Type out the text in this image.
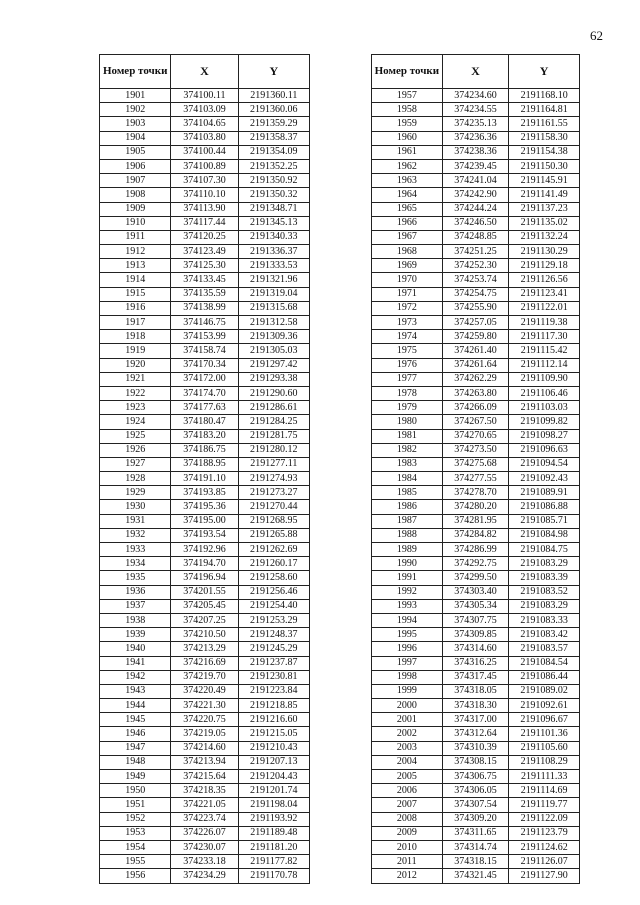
62
Номер точки	X	Y
1901	374100.11	2191360.11
1902	374103.09	2191360.06
1903	374104.65	2191359.29
1904	374103.80	2191358.37
1905	374100.44	2191354.09
1906	374100.89	2191352.25
1907	374107.30	2191350.92
1908	374110.10	2191350.32
1909	374113.90	2191348.71
1910	374117.44	2191345.13
1911	374120.25	2191340.33
1912	374123.49	2191336.37
1913	374125.30	2191333.53
1914	374133.45	2191321.96
1915	374135.59	2191319.04
1916	374138.99	2191315.68
1917	374146.75	2191312.58
1918	374153.99	2191309.36
1919	374158.74	2191305.03
1920	374170.34	2191297.42
1921	374172.00	2191293.38
1922	374174.70	2191290.60
1923	374177.63	2191286.61
1924	374180.47	2191284.25
1925	374183.20	2191281.75
1926	374186.75	2191280.12
1927	374188.95	2191277.11
1928	374191.10	2191274.93
1929	374193.85	2191273.27
1930	374195.36	2191270.44
1931	374195.00	2191268.95
1932	374193.54	2191265.88
1933	374192.96	2191262.69
1934	374194.70	2191260.17
1935	374196.94	2191258.60
1936	374201.55	2191256.46
1937	374205.45	2191254.40
1938	374207.25	2191253.29
1939	374210.50	2191248.37
1940	374213.29	2191245.29
1941	374216.69	2191237.87
1942	374219.70	2191230.81
1943	374220.49	2191223.84
1944	374221.30	2191218.85
1945	374220.75	2191216.60
1946	374219.05	2191215.05
1947	374214.60	2191210.43
1948	374213.94	2191207.13
1949	374215.64	2191204.43
1950	374218.35	2191201.74
1951	374221.05	2191198.04
1952	374223.74	2191193.92
1953	374226.07	2191189.48
1954	374230.07	2191181.20
1955	374233.18	2191177.82
1956	374234.29	2191170.78
Номер точки	X	Y
1957	374234.60	2191168.10
1958	374234.55	2191164.81
1959	374235.13	2191161.55
1960	374236.36	2191158.30
1961	374238.36	2191154.38
1962	374239.45	2191150.30
1963	374241.04	2191145.91
1964	374242.90	2191141.49
1965	374244.24	2191137.23
1966	374246.50	2191135.02
1967	374248.85	2191132.24
1968	374251.25	2191130.29
1969	374252.30	2191129.18
1970	374253.74	2191126.56
1971	374254.75	2191123.41
1972	374255.90	2191122.01
1973	374257.05	2191119.38
1974	374259.80	2191117.30
1975	374261.40	2191115.42
1976	374261.64	2191112.14
1977	374262.29	2191109.90
1978	374263.80	2191106.46
1979	374266.09	2191103.03
1980	374267.50	2191099.82
1981	374270.65	2191098.27
1982	374273.50	2191096.63
1983	374275.68	2191094.54
1984	374277.55	2191092.43
1985	374278.70	2191089.91
1986	374280.20	2191086.88
1987	374281.95	2191085.71
1988	374284.82	2191084.98
1989	374286.99	2191084.75
1990	374292.75	2191083.29
1991	374299.50	2191083.39
1992	374303.40	2191083.52
1993	374305.34	2191083.29
1994	374307.75	2191083.33
1995	374309.85	2191083.42
1996	374314.60	2191083.57
1997	374316.25	2191084.54
1998	374317.45	2191086.44
1999	374318.05	2191089.02
2000	374318.30	2191092.61
2001	374317.00	2191096.67
2002	374312.64	2191101.36
2003	374310.39	2191105.60
2004	374308.15	2191108.29
2005	374306.75	2191111.33
2006	374306.05	2191114.69
2007	374307.54	2191119.77
2008	374309.20	2191122.09
2009	374311.65	2191123.79
2010	374314.74	2191124.62
2011	374318.15	2191126.07
2012	374321.45	2191127.90
